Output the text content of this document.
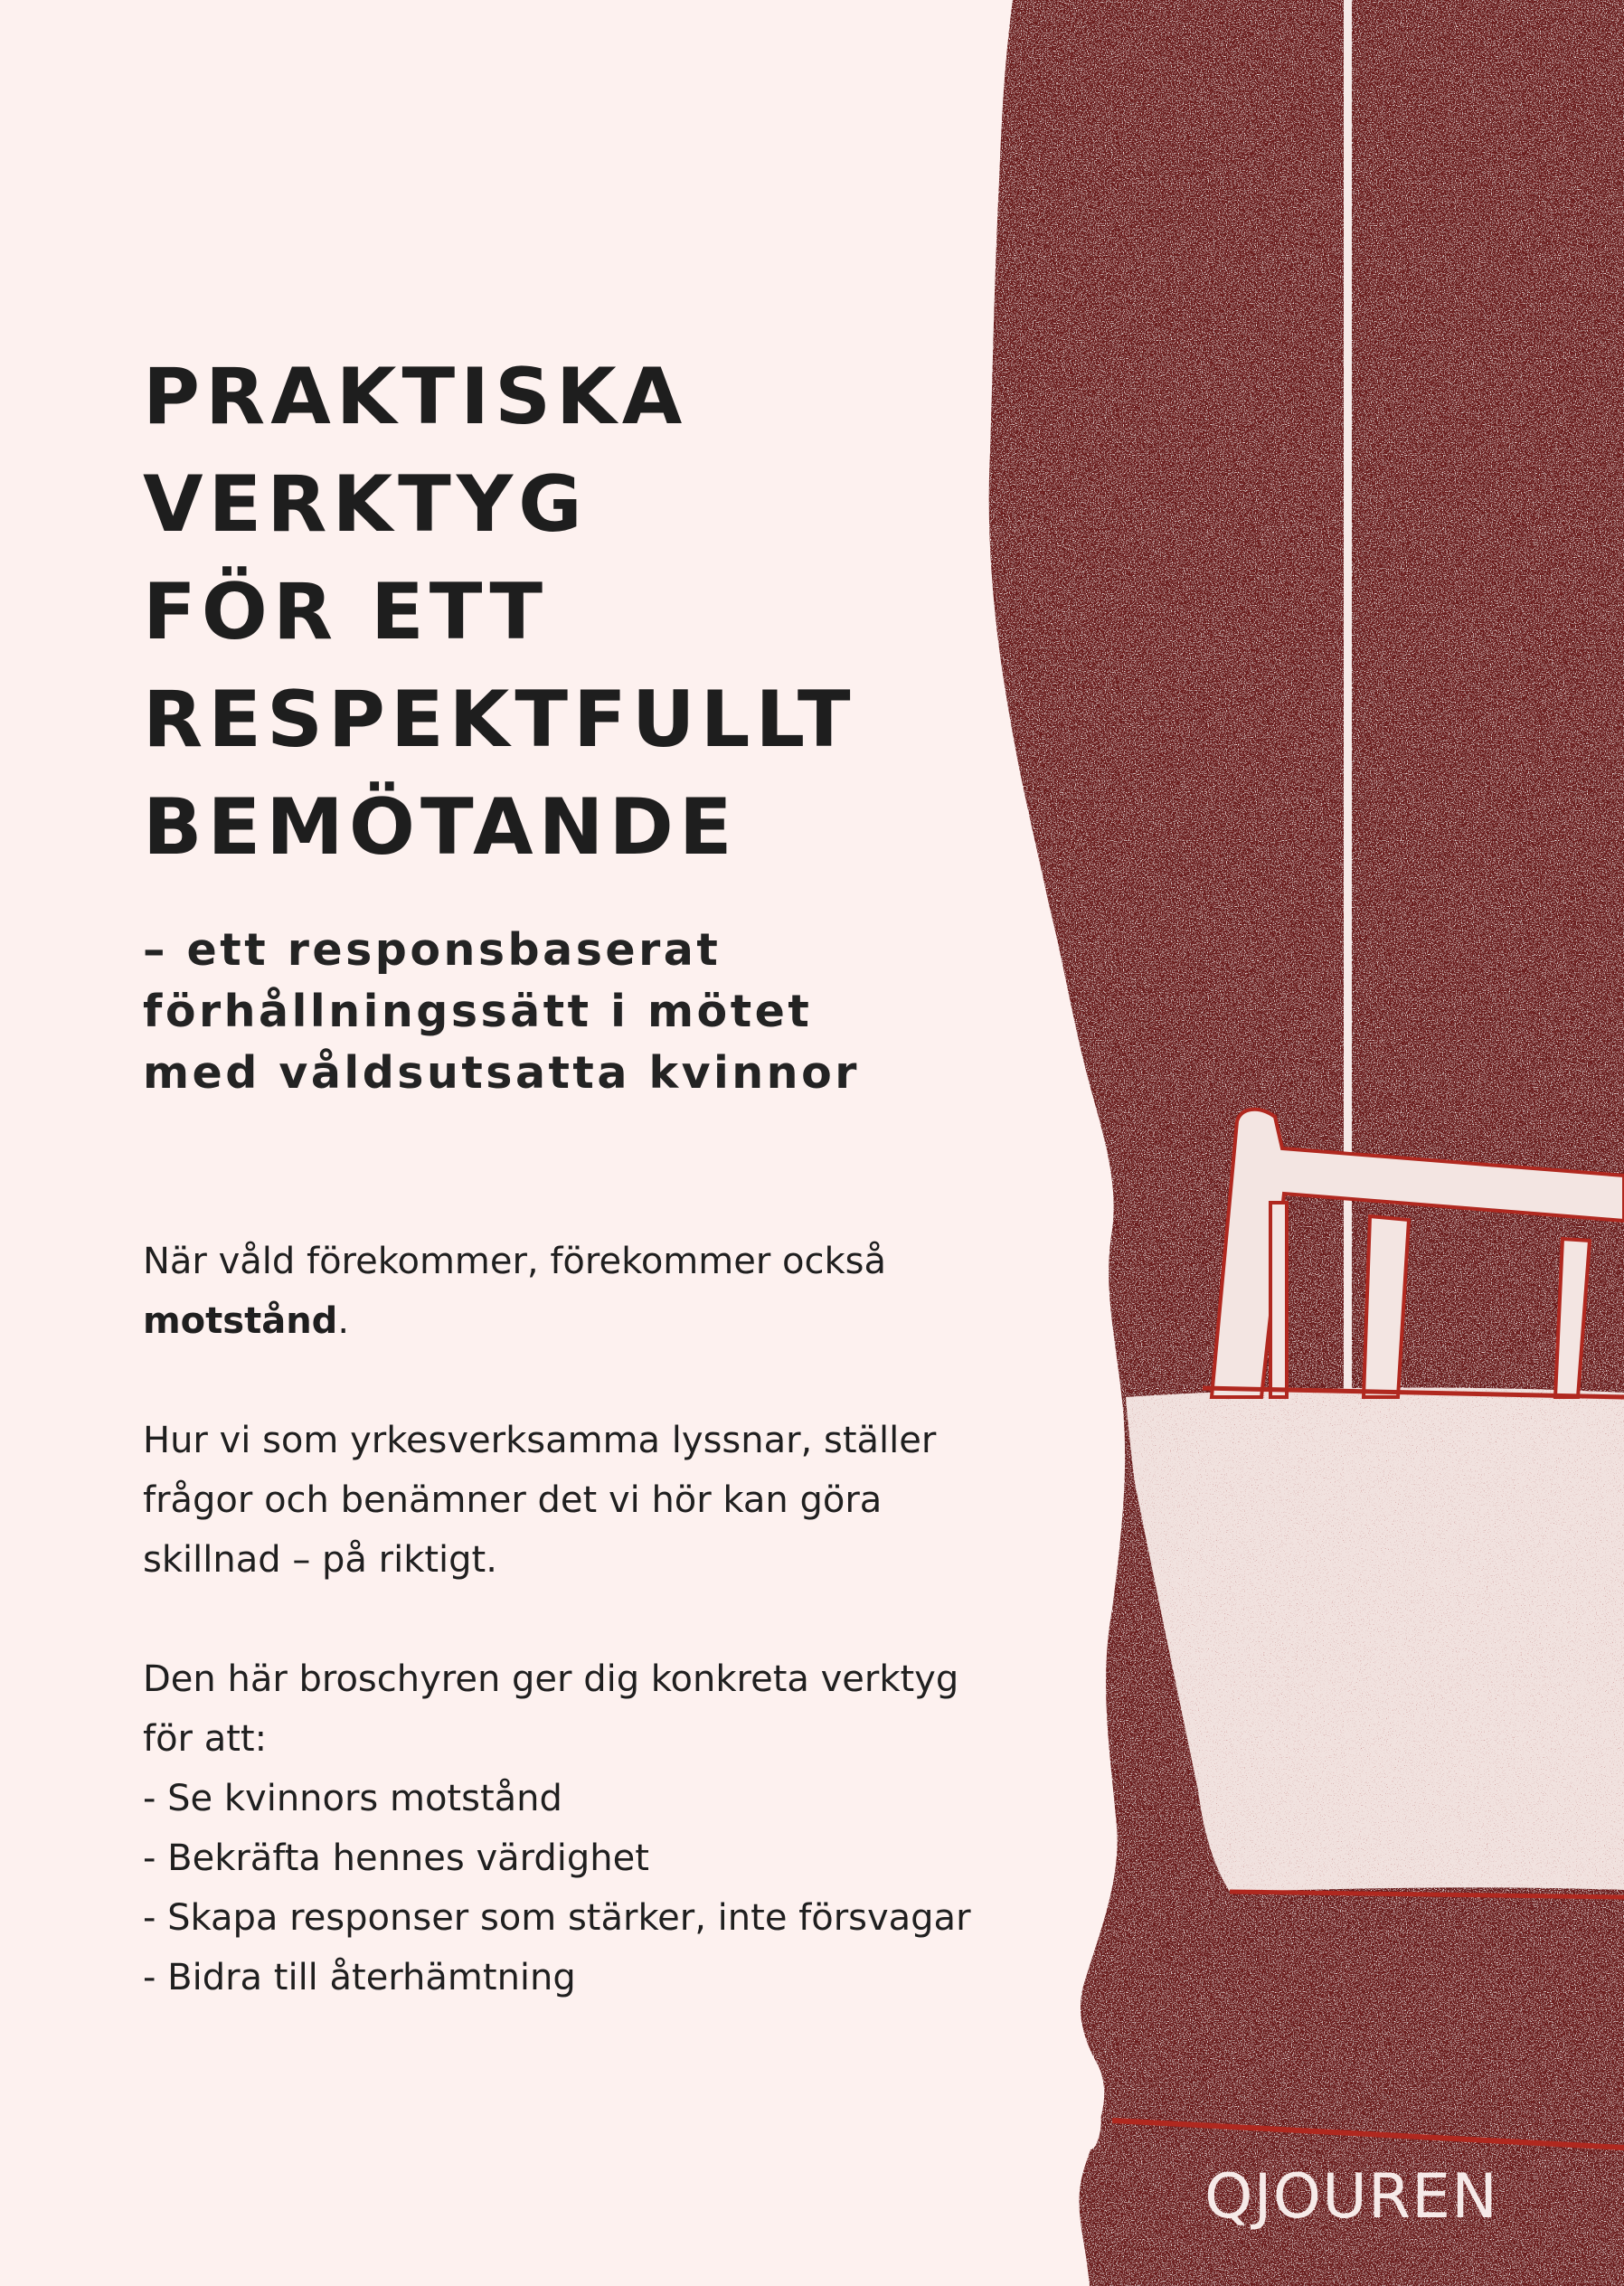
PRAKTISKA
VERKTYG
FÖR ETT
RESPEKTFULLT
BEMÖTANDE
– ett responsbaserat
förhållningssätt i mötet
med våldsutsatta kvinnor

När våld förekommer, förekommer också
motstånd.

Hur vi som yrkesverksamma lyssnar, ställer
frågor och benämner det vi hör kan göra
skillnad – på riktigt.

Den här broschyren ger dig konkreta verktyg
för att:
- Se kvinnors motstånd
- Bekräfta hennes värdighet
- Skapa responser som stärker, inte försvagar
- Bidra till återhämtning
QJOUREN
